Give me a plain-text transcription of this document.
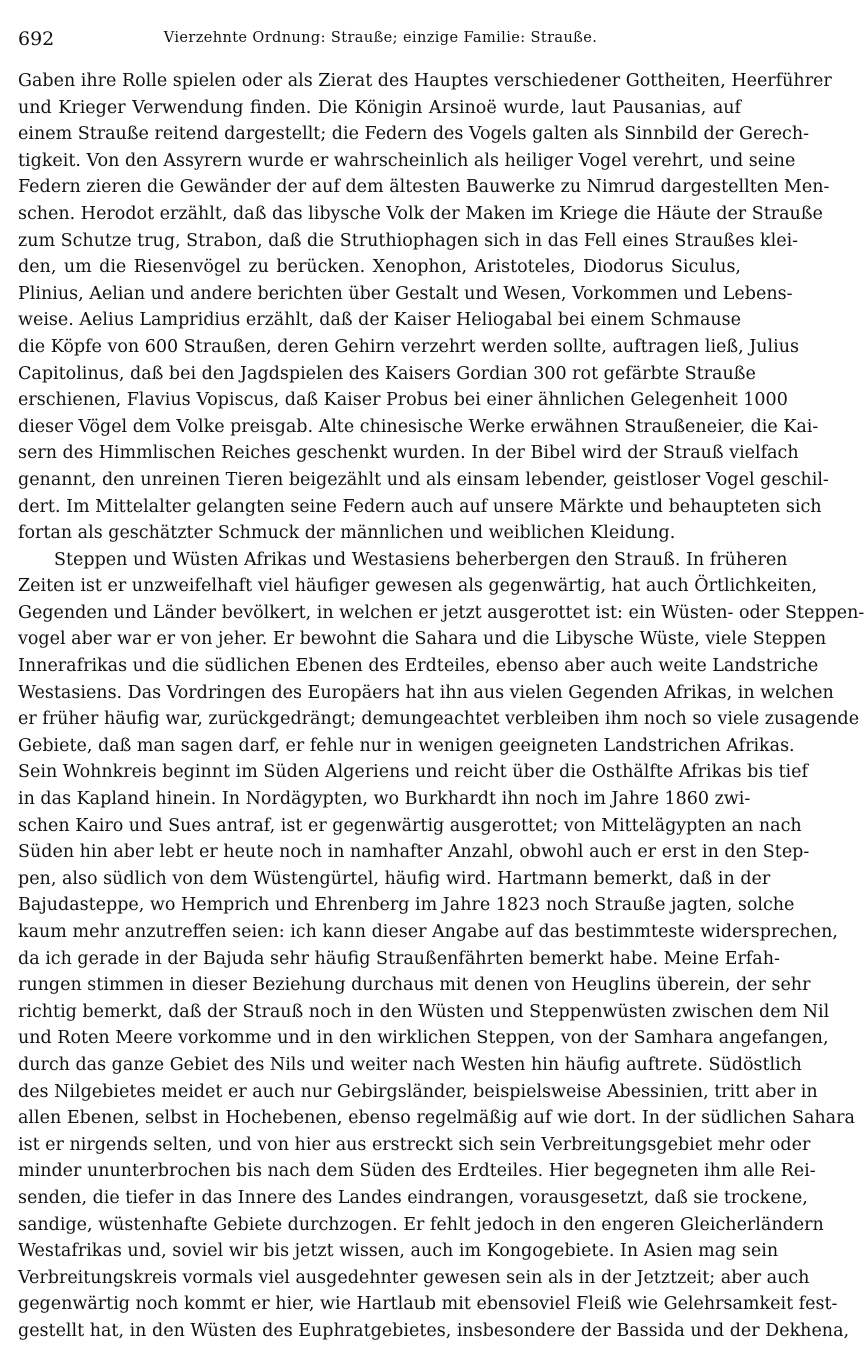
692	Vierzehnte Ordnung: Strauße; einzige Familie: Strauße.
Gaben ihre Rolle spielen oder als Zierat des Hauptes verschiedener Gottheiten, Heerführer
und Krieger Verwendung finden. Die Königin Arsinoë wurde, laut Pausanias, auf
einem Strauße reitend dargestellt; die Federn des Vogels galten als Sinnbild der Gerech-
tigkeit. Von den Assyrern wurde er wahrscheinlich als heiliger Vogel verehrt, und seine
Federn zieren die Gewänder der auf dem ältesten Bauwerke zu Nimrud dargestellten Men-
schen. Herodot erzählt, daß das libysche Volk der Maken im Kriege die Häute der Strauße
zum Schutze trug, Strabon, daß die Struthiophagen sich in das Fell eines Straußes klei-
den, um die Riesenvögel zu berücken. Xenophon, Aristoteles, Diodorus Siculus,
Plinius, Aelian und andere berichten über Gestalt und Wesen, Vorkommen und Lebens-
weise. Aelius Lampridius erzählt, daß der Kaiser Heliogabal bei einem Schmause
die Köpfe von 600 Straußen, deren Gehirn verzehrt werden sollte, auftragen ließ, Julius
Capitolinus, daß bei den Jagdspielen des Kaisers Gordian 300 rot gefärbte Strauße
erschienen, Flavius Vopiscus, daß Kaiser Probus bei einer ähnlichen Gelegenheit 1000
dieser Vögel dem Volke preisgab. Alte chinesische Werke erwähnen Straußeneier, die Kai-
sern des Himmlischen Reiches geschenkt wurden. In der Bibel wird der Strauß vielfach
genannt, den unreinen Tieren beigezählt und als einsam lebender, geistloser Vogel geschil-
dert. Im Mittelalter gelangten seine Federn auch auf unsere Märkte und behaupteten sich
fortan als geschätzter Schmuck der männlichen und weiblichen Kleidung.
Steppen und Wüsten Afrikas und Westasiens beherbergen den Strauß. In früheren
Zeiten ist er unzweifelhaft viel häufiger gewesen als gegenwärtig, hat auch Örtlichkeiten,
Gegenden und Länder bevölkert, in welchen er jetzt ausgerottet ist: ein Wüsten- oder Steppen-
vogel aber war er von jeher. Er bewohnt die Sahara und die Libysche Wüste, viele Steppen
Innerafrikas und die südlichen Ebenen des Erdteiles, ebenso aber auch weite Landstriche
Westasiens. Das Vordringen des Europäers hat ihn aus vielen Gegenden Afrikas, in welchen
er früher häufig war, zurückgedrängt; demungeachtet verbleiben ihm noch so viele zusagende
Gebiete, daß man sagen darf, er fehle nur in wenigen geeigneten Landstrichen Afrikas.
Sein Wohnkreis beginnt im Süden Algeriens und reicht über die Osthälfte Afrikas bis tief
in das Kapland hinein. In Nordägypten, wo Burkhardt ihn noch im Jahre 1860 zwi-
schen Kairo und Sues antraf, ist er gegenwärtig ausgerottet; von Mittelägypten an nach
Süden hin aber lebt er heute noch in namhafter Anzahl, obwohl auch er erst in den Step-
pen, also südlich von dem Wüstengürtel, häufig wird. Hartmann bemerkt, daß in der
Bajudasteppe, wo Hemprich und Ehrenberg im Jahre 1823 noch Strauße jagten, solche
kaum mehr anzutreffen seien: ich kann dieser Angabe auf das bestimmteste widersprechen,
da ich gerade in der Bajuda sehr häufig Straußenfährten bemerkt habe. Meine Erfah-
rungen stimmen in dieser Beziehung durchaus mit denen von Heuglins überein, der sehr
richtig bemerkt, daß der Strauß noch in den Wüsten und Steppenwüsten zwischen dem Nil
und Roten Meere vorkomme und in den wirklichen Steppen, von der Samhara angefangen,
durch das ganze Gebiet des Nils und weiter nach Westen hin häufig auftrete. Südöstlich
des Nilgebietes meidet er auch nur Gebirgsländer, beispielsweise Abessinien, tritt aber in
allen Ebenen, selbst in Hochebenen, ebenso regelmäßig auf wie dort. In der südlichen Sahara
ist er nirgends selten, und von hier aus erstreckt sich sein Verbreitungsgebiet mehr oder
minder ununterbrochen bis nach dem Süden des Erdteiles. Hier begegneten ihm alle Rei-
senden, die tiefer in das Innere des Landes eindrangen, vorausgesetzt, daß sie trockene,
sandige, wüstenhafte Gebiete durchzogen. Er fehlt jedoch in den engeren Gleicherländern
Westafrikas und, soviel wir bis jetzt wissen, auch im Kongogebiete. In Asien mag sein
Verbreitungskreis vormals viel ausgedehnter gewesen sein als in der Jetztzeit; aber auch
gegenwärtig noch kommt er hier, wie Hartlaub mit ebensoviel Fleiß wie Gelehrsamkeit fest-
gestellt hat, in den Wüsten des Euphratgebietes, insbesondere der Bassida und der Dekhena,
